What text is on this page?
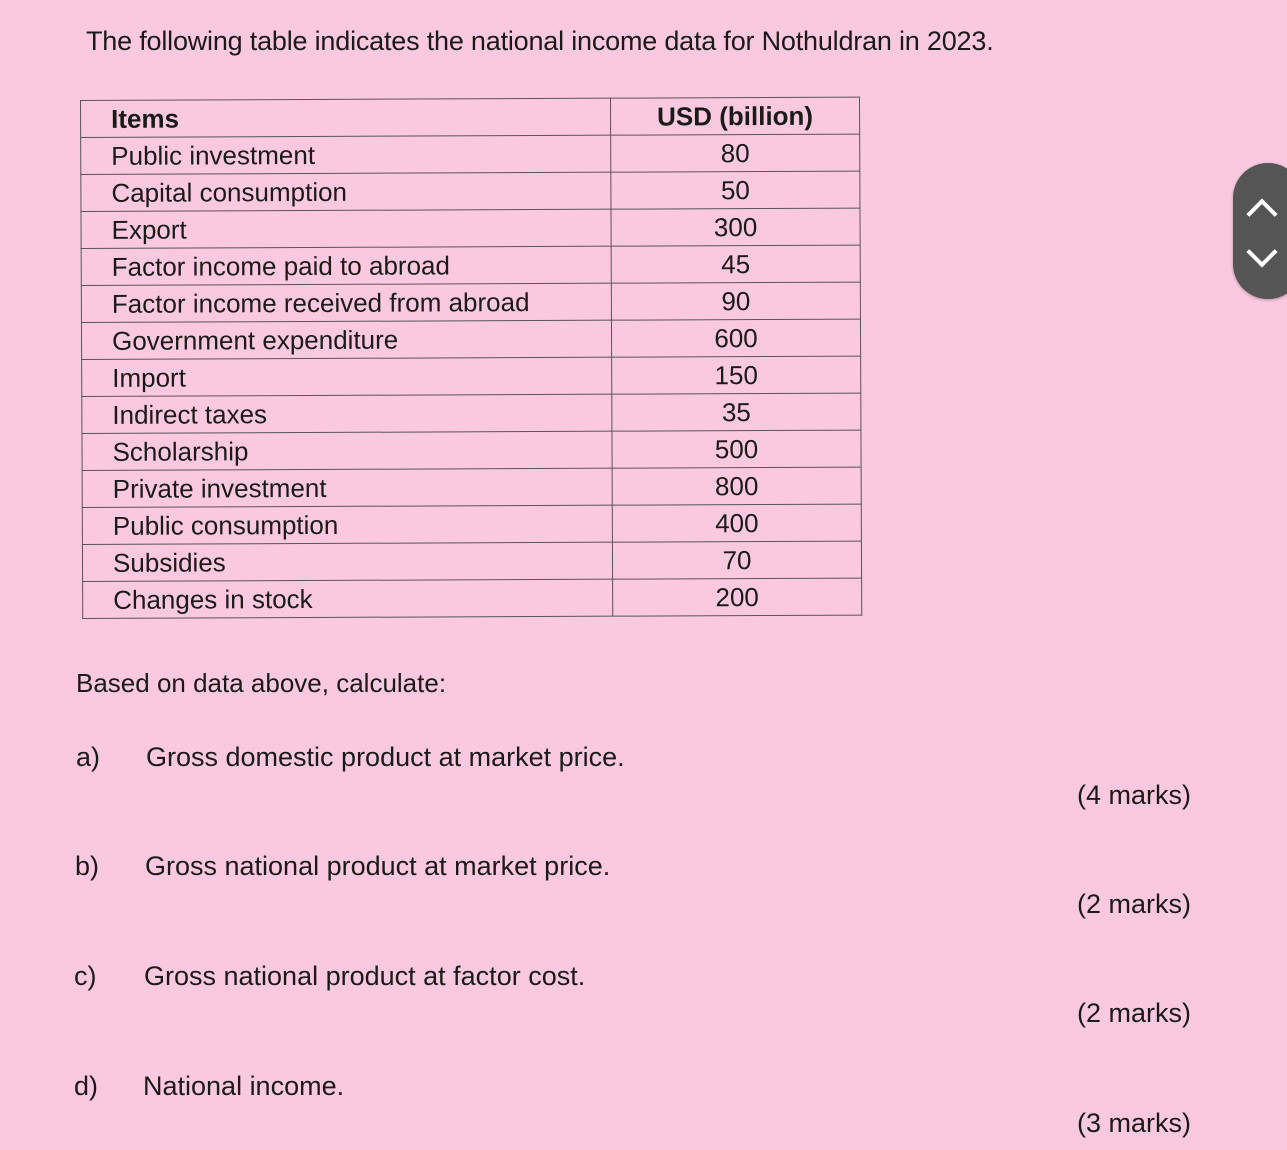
The following table indicates the national income data for Nothuldran in 2023.
Items	USD (billion)
Public investment	80
Capital consumption	50
Export	300
Factor income paid to abroad	45
Factor income received from abroad	90
Government expenditure	600
Import	150
Indirect taxes	35
Scholarship	500
Private investment	800
Public consumption	400
Subsidies	70
Changes in stock	200
Based on data above, calculate:
a) Gross domestic product at market price.
(4 marks)
b) Gross national product at market price.
(2 marks)
c) Gross national product at factor cost.
(2 marks)
d) National income.
(3 marks)
